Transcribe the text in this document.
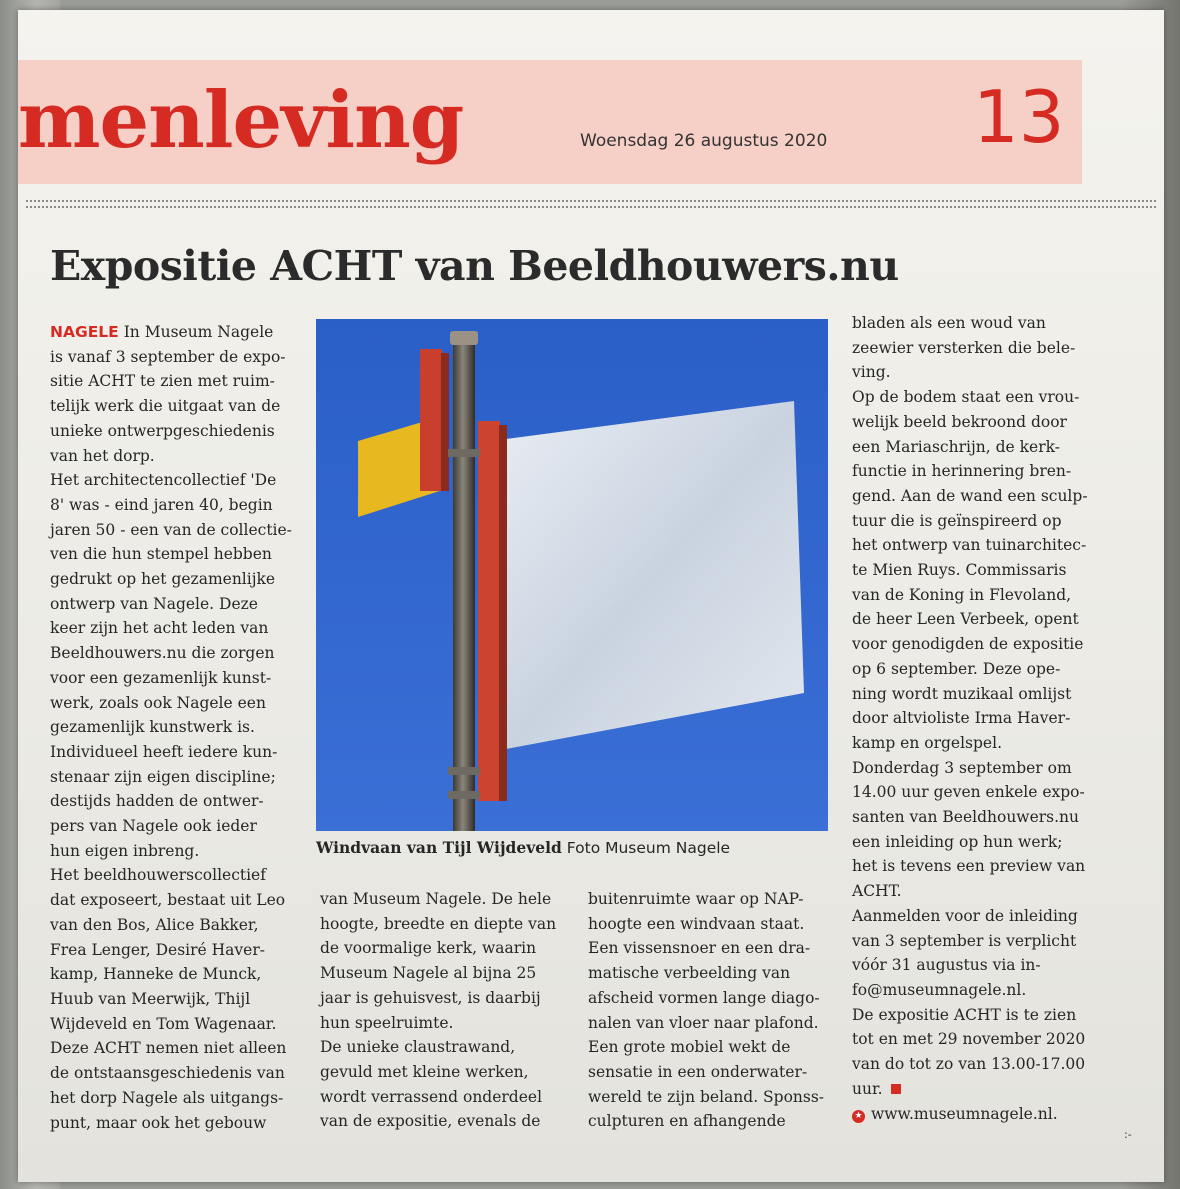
menleving	Woensdag 26 augustus 2020 13
Expositie ACHT van Beeldhouwers.nu
NAGELE In Museum Nagele
is vanaf 3 september de expo-
sitie ACHT te zien met ruim-
telijk werk die uitgaat van de
unieke ontwerpgeschiedenis
van het dorp.
Het architectencollectief 'De
8' was - eind jaren 40, begin
jaren 50 - een van de collectie-
ven die hun stempel hebben
gedrukt op het gezamenlijke
ontwerp van Nagele. Deze
keer zijn het acht leden van
Beeldhouwers.nu die zorgen
voor een gezamenlijk kunst-
werk, zoals ook Nagele een
gezamenlijk kunstwerk is.
Individueel heeft iedere kun-
stenaar zijn eigen discipline;
destijds hadden de ontwer-
pers van Nagele ook ieder
hun eigen inbreng.
Het beeldhouwerscollectief
dat exposeert, bestaat uit Leo
van den Bos, Alice Bakker,
Frea Lenger, Desiré Haver-
kamp, Hanneke de Munck,
Huub van Meerwijk, Thijl
Wijdeveld en Tom Wagenaar.
Deze ACHT nemen niet alleen
de ontstaansgeschiedenis van
het dorp Nagele als uitgangs-
punt, maar ook het gebouw
Windvaan van Tijl Wijdeveld Foto Museum Nagele
van Museum Nagele. De hele
hoogte, breedte en diepte van
de voormalige kerk, waarin
Museum Nagele al bijna 25
jaar is gehuisvest, is daarbij
hun speelruimte.
De unieke claustrawand,
gevuld met kleine werken,
wordt verrassend onderdeel
van de expositie, evenals de
buitenruimte waar op NAP-
hoogte een windvaan staat.
Een vissensnoer en een dra-
matische verbeelding van
afscheid vormen lange diago-
nalen van vloer naar plafond.
Een grote mobiel wekt de
sensatie in een onderwater-
wereld te zijn beland. Sponss-
culpturen en afhangende
bladen als een woud van
zeewier versterken die bele-
ving.
Op de bodem staat een vrou-
welijk beeld bekroond door
een Mariaschrijn, de kerk-
functie in herinnering bren-
gend. Aan de wand een sculp-
tuur die is geïnspireerd op
het ontwerp van tuinarchitec-
te Mien Ruys. Commissaris
van de Koning in Flevoland,
de heer Leen Verbeek, opent
voor genodigden de expositie
op 6 september. Deze ope-
ning wordt muzikaal omlijst
door altvioliste Irma Haver-
kamp en orgelspel.
Donderdag 3 september om
14.00 uur geven enkele expo-
santen van Beeldhouwers.nu
een inleiding op hun werk;
het is tevens een preview van
ACHT.
Aanmelden voor de inleiding
van 3 september is verplicht
vóór 31 augustus via in-
fo@museumnagele.nl.
De expositie ACHT is te zien
tot en met 29 november 2020
van do tot zo van 13.00-17.00
uur.
★ www.museumnagele.nl.
:-
